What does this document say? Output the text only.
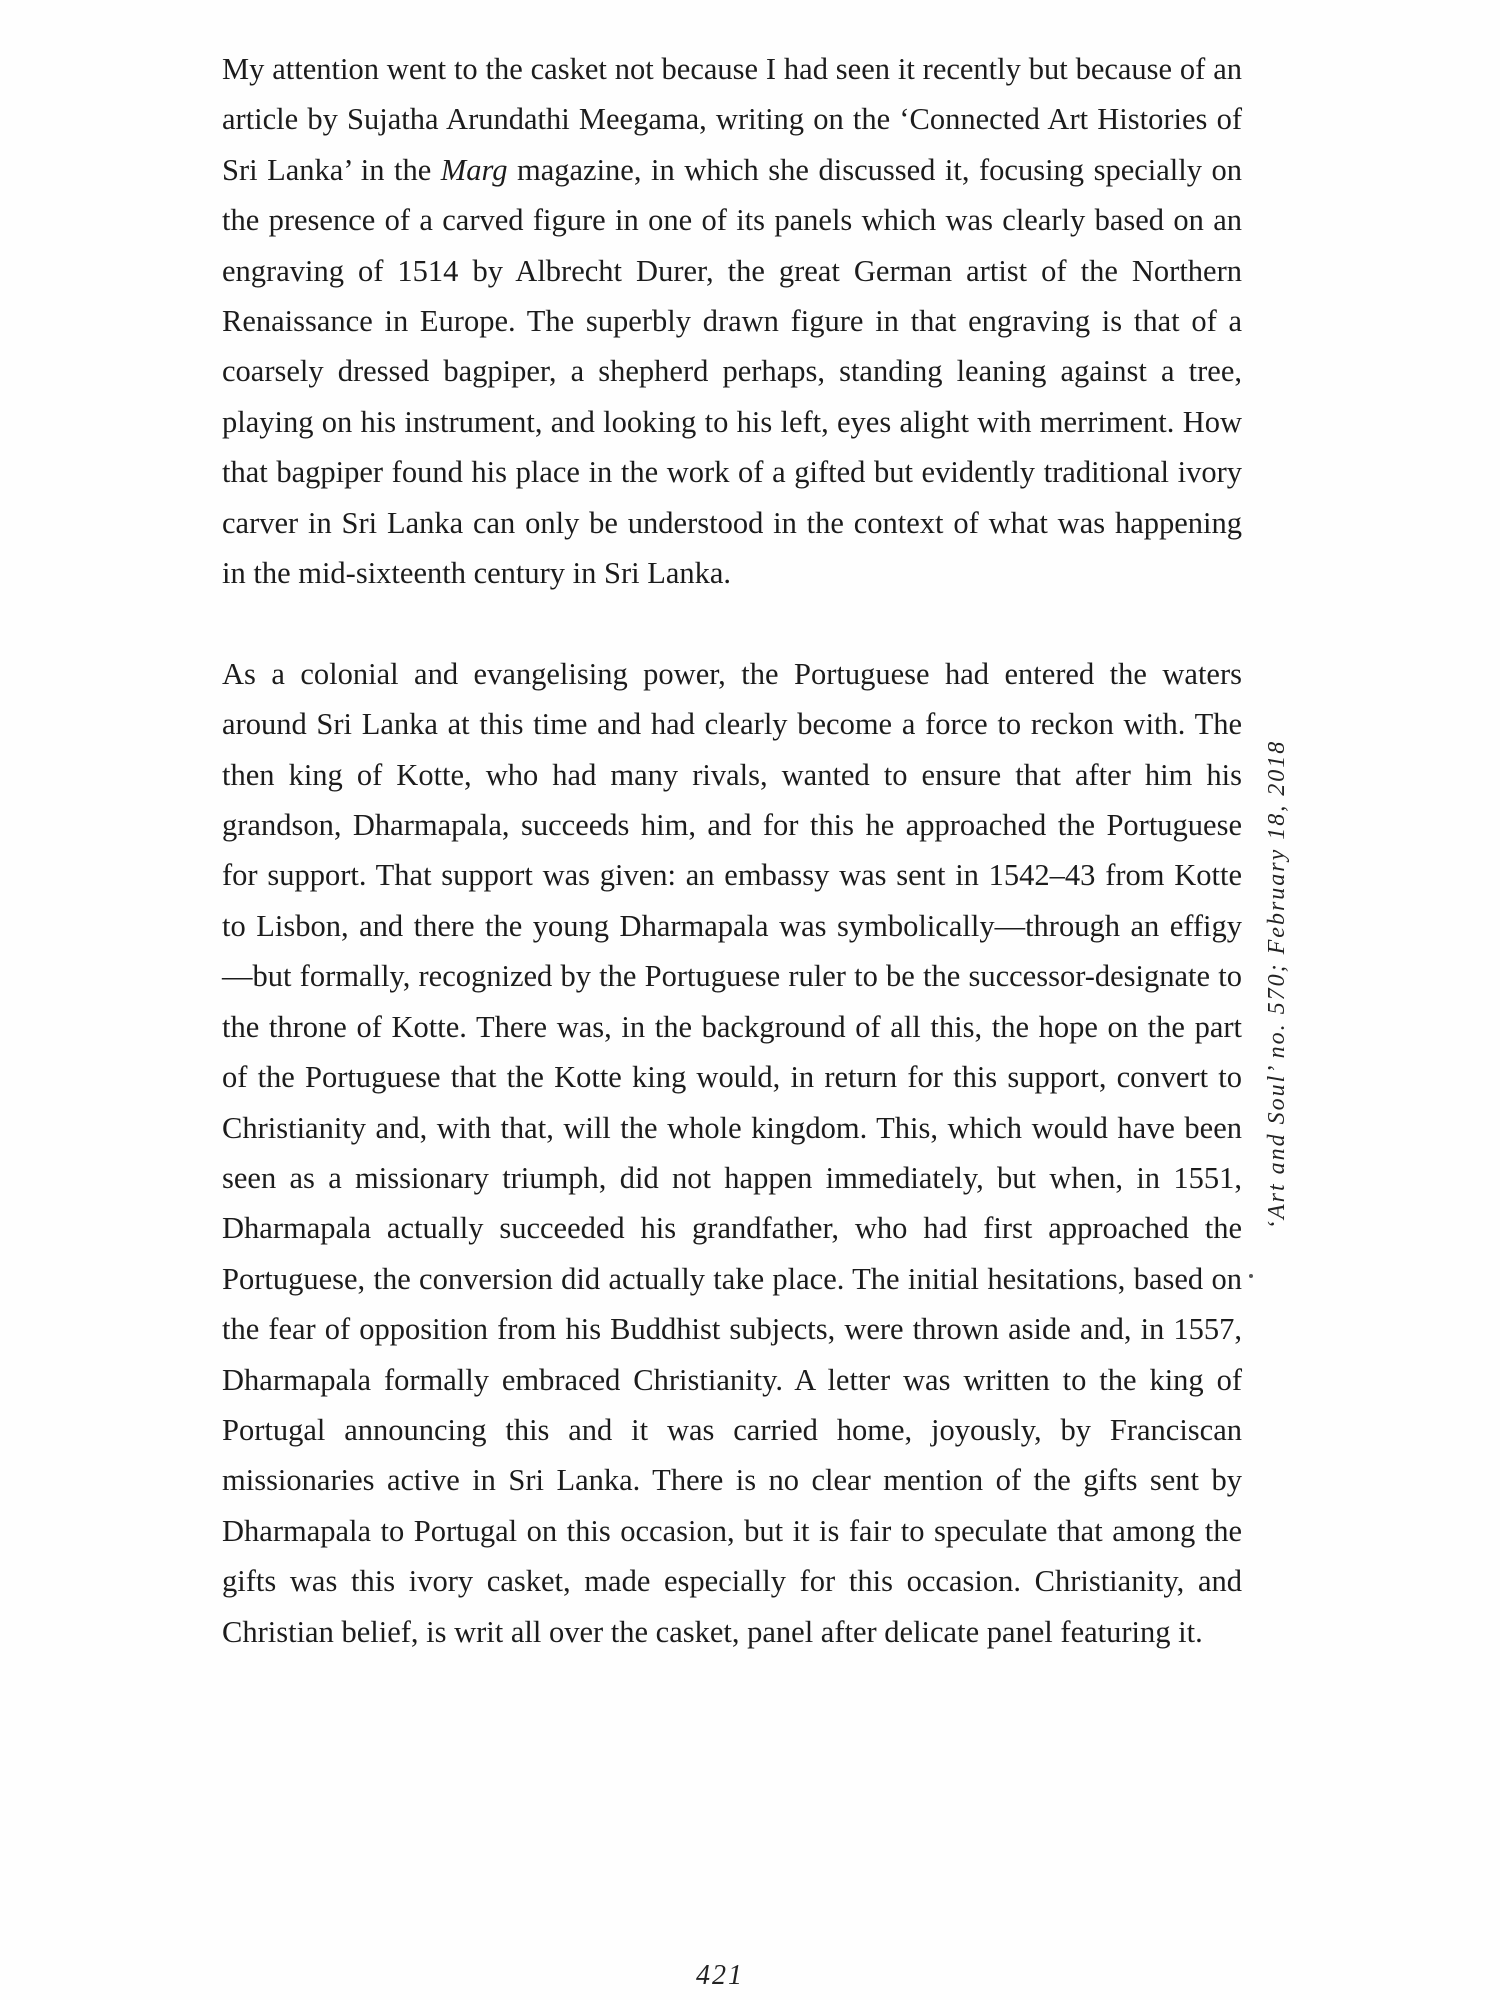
My attention went to the casket not because I had seen it recently but because of an article by Sujatha Arundathi Meegama, writing on the ‘Connected Art Histories of Sri Lanka’ in the Marg magazine, in which she discussed it, focusing specially on the presence of a carved figure in one of its panels which was clearly based on an engraving of 1514 by Albrecht Durer, the great German artist of the Northern Renaissance in Europe. The superbly drawn figure in that engraving is that of a coarsely dressed bagpiper, a shepherd perhaps, standing leaning against a tree, playing on his instrument, and looking to his left, eyes alight with merriment. How that bagpiper found his place in the work of a gifted but evidently traditional ivory carver in Sri Lanka can only be understood in the context of what was happening in the mid-sixteenth century in Sri Lanka.

As a colonial and evangelising power, the Portuguese had entered the waters around Sri Lanka at this time and had clearly become a force to reckon with. The then king of Kotte, who had many rivals, wanted to ensure that after him his grandson, Dharmapala, succeeds him, and for this he approached the Portuguese for support. That support was given: an embassy was sent in 1542–43 from Kotte to Lisbon, and there the young Dharmapala was symbolically—through an effigy—but formally, recognized by the Portuguese ruler to be the successor-designate to the throne of Kotte. There was, in the background of all this, the hope on the part of the Portuguese that the Kotte king would, in return for this support, convert to Christianity and, with that, will the whole kingdom. This, which would have been seen as a missionary triumph, did not happen immediately, but when, in 1551, Dharmapala actually succeeded his grandfather, who had first approached the Portuguese, the conversion did actually take place. The initial hesitations, based on the fear of opposition from his Buddhist subjects, were thrown aside and, in 1557, Dharmapala formally embraced Christianity. A letter was written to the king of Portugal announcing this and it was carried home, joyously, by Franciscan missionaries active in Sri Lanka. There is no clear mention of the gifts sent by Dharmapala to Portugal on this occasion, but it is fair to speculate that among the gifts was this ivory casket, made especially for this occasion. Christianity, and Christian belief, is writ all over the casket, panel after delicate panel featuring it.

‘Art and Soul’ no. 570; February 18, 2018
421
